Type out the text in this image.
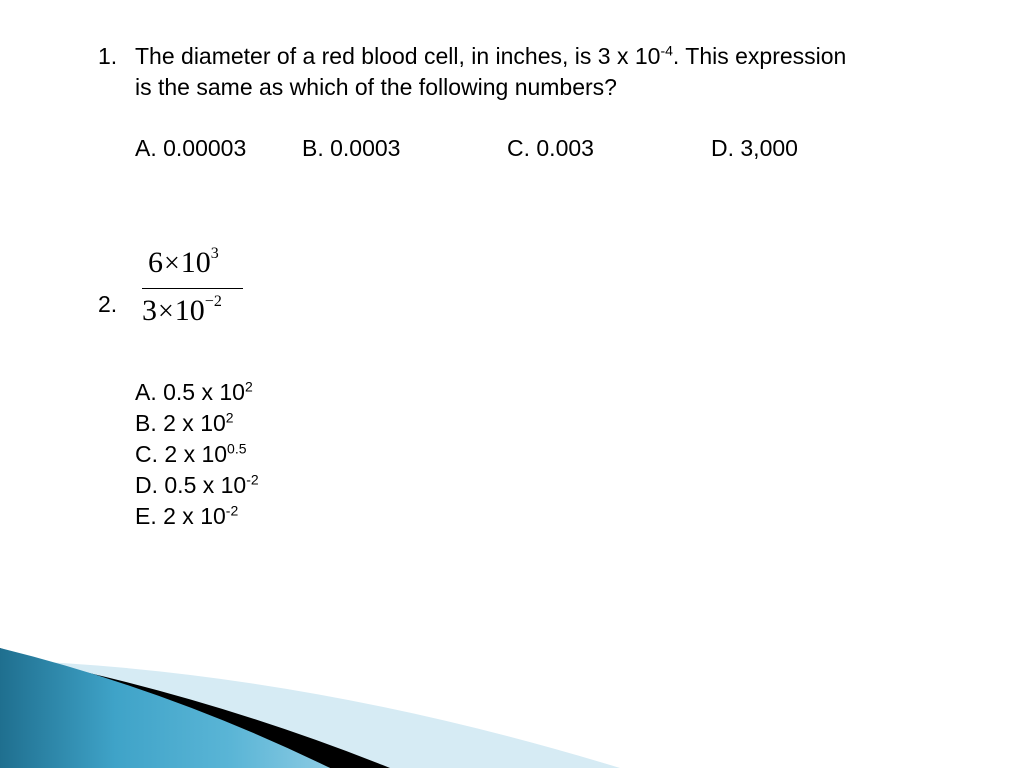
1. The diameter of a red blood cell, in inches, is 3 x $10^{-4}$. This expression
is the same as which of the following numbers?
A. 0.00003 B. 0.0003	C. 0.003	D. 3,000
2.
$6\times 10^3$
$3\times 10^{-2}$
A. 0.5 x $10^2$
B. 2 x $10^2$
C. 2 x $10^{0.5}$
D. 0.5 x $10^{-2}$
E. 2 x $10^{-2}$
